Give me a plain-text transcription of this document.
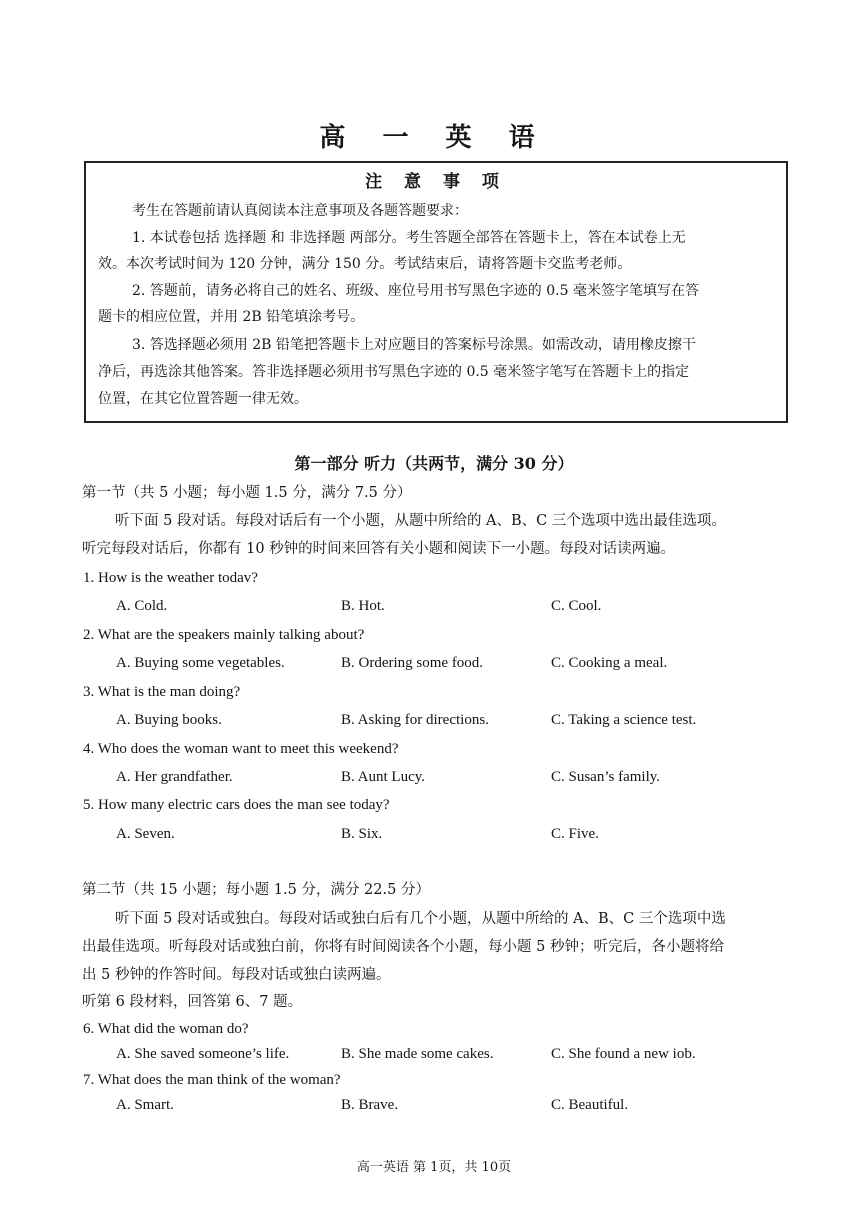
高 一 英 语
注 意 事 项
考生在答题前请认真阅读本注意事项及各题答题要求：
1. 本试卷包括 选择题 和 非选择题 两部分。考生答题全部答在答题卡上，答在本试卷上无
效。本次考试时间为 120 分钟，满分 150 分。考试结束后，请将答题卡交监考老师。
2. 答题前，请务必将自己的姓名、班级、座位号用书写黑色字迹的 0.5 毫米签字笔填写在答
题卡的相应位置，并用 2B 铅笔填涂考号。
3. 答选择题必须用 2B 铅笔把答题卡上对应题目的答案标号涂黑。如需改动，请用橡皮擦干
净后，再选涂其他答案。答非选择题必须用书写黑色字迹的 0.5 毫米签字笔写在答题卡上的指定
位置，在其它位置答题一律无效。
第一部分 听力（共两节，满分 30 分）
第一节（共 5 小题；每小题 1.5 分，满分 7.5 分）
听下面 5 段对话。每段对话后有一个小题，从题中所给的 A、B、C 三个选项中选出最佳选项。
听完每段对话后，你都有 10 秒钟的时间来回答有关小题和阅读下一小题。每段对话读两遍。
1. How is the weather todav?
A. Cold.	B. Hot.	C. Cool.
2. What are the speakers mainly talking about?
A. Buying some vegetables.	B. Ordering some food.	C. Cooking a meal.
3. What is the man doing?
A. Buying books.	B. Asking for directions.	C. Taking a science test.
4. Who does the woman want to meet this weekend?
A. Her grandfather.	B. Aunt Lucy.	C. Susan’s family.
5. How many electric cars does the man see today?
A. Seven.	B. Six.	C. Five.
第二节（共 15 小题；每小题 1.5 分，满分 22.5 分）
听下面 5 段对话或独白。每段对话或独白后有几个小题，从题中所给的 A、B、C 三个选项中选
出最佳选项。听每段对话或独白前，你将有时间阅读各个小题，每小题 5 秒钟；听完后，各小题将给
出 5 秒钟的作答时间。每段对话或独白读两遍。
听第 6 段材料，回答第 6、7 题。
6. What did the woman do?
A. She saved someone’s life.	B. She made some cakes.	C. She found a new iob.
7. What does the man think of the woman?
A. Smart.	B. Brave.	C. Beautiful.
高一英语 第 1页，共 10页
